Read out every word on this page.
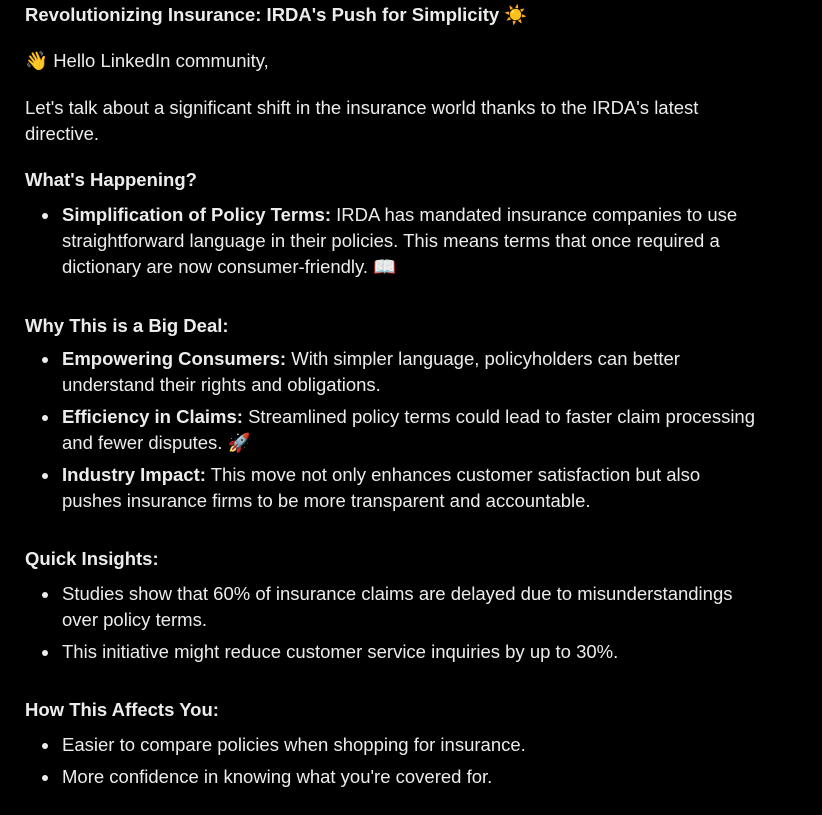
Revolutionizing Insurance: IRDA's Push for Simplicity ☀️

👋 Hello LinkedIn community,

Let's talk about a significant shift in the insurance world thanks to the IRDA's latest directive.

What's Happening?

Simplification of Policy Terms: IRDA has mandated insurance companies to use straightforward language in their policies. This means terms that once required a dictionary are now consumer-friendly. 📖

Why This is a Big Deal:

Empowering Consumers: With simpler language, policyholders can better understand their rights and obligations.
Efficiency in Claims: Streamlined policy terms could lead to faster claim processing and fewer disputes. 🚀
Industry Impact: This move not only enhances customer satisfaction but also pushes insurance firms to be more transparent and accountable.

Quick Insights:

Studies show that 60% of insurance claims are delayed due to misunderstandings over policy terms.
This initiative might reduce customer service inquiries by up to 30%.

How This Affects You:

Easier to compare policies when shopping for insurance.
More confidence in knowing what you're covered for.
